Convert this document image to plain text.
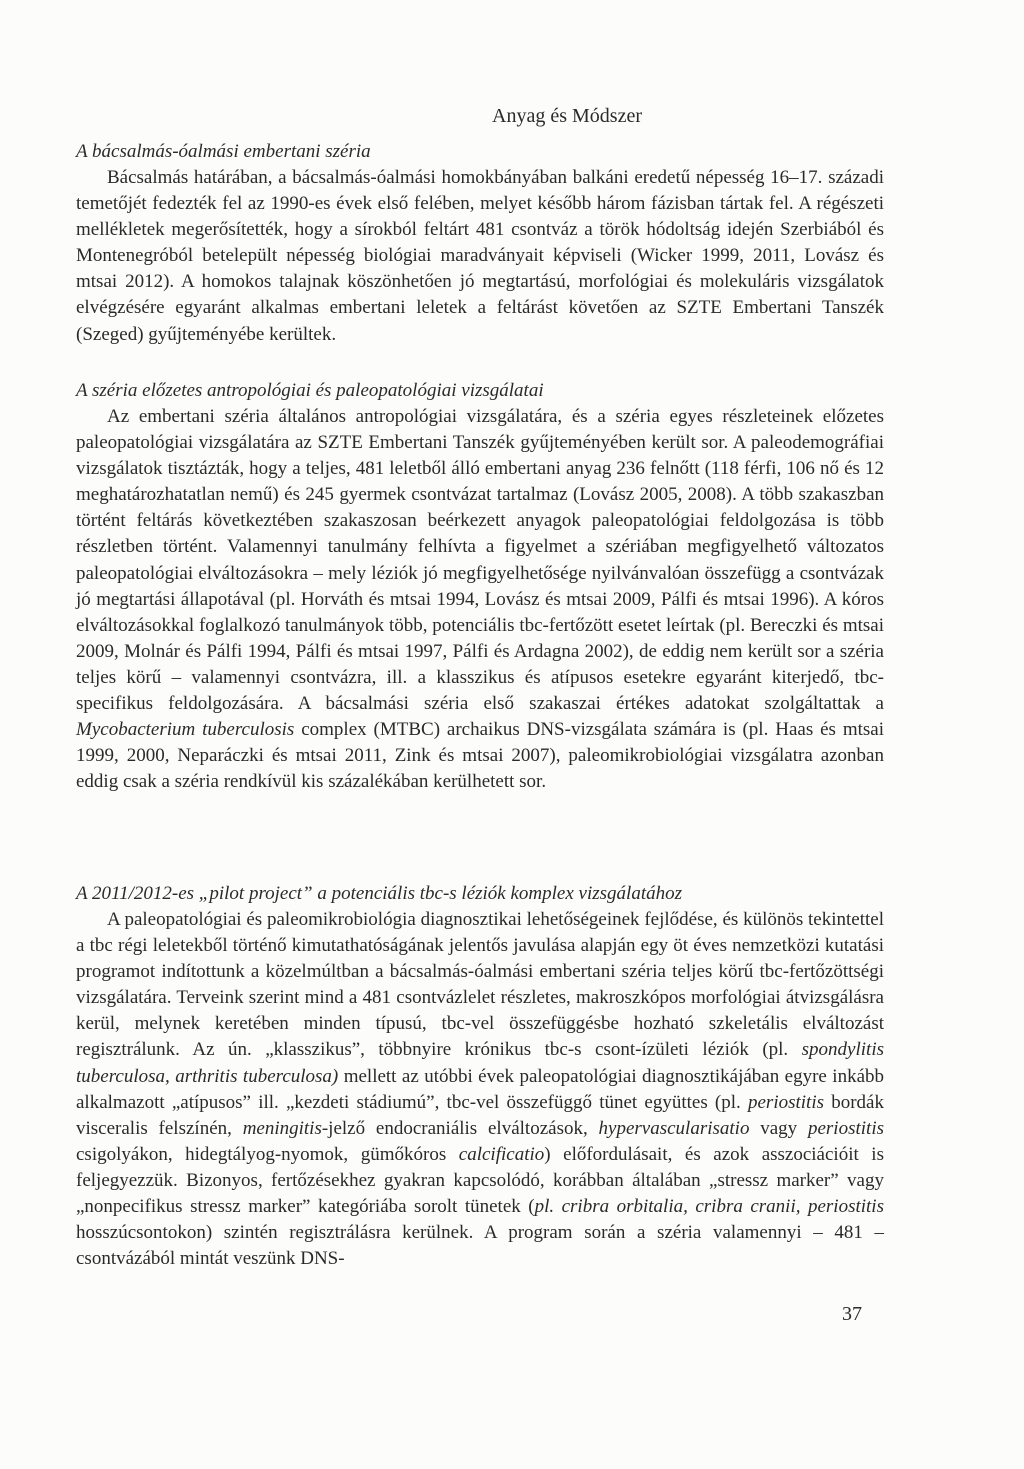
Anyag és Módszer

A bácsalmás-óalmási embertani széria

Bácsalmás határában, a bácsalmás-óalmási homokbányában balkáni eredetű népesség 16–17. századi temetőjét fedezték fel az 1990-es évek első felében, melyet később három fázisban tártak fel. A régészeti mellékletek megerősítették, hogy a sírokból feltárt 481 csontváz a török hódoltság idején Szerbiából és Montenegróból betelepült népesség biológiai maradványait képviseli (Wicker 1999, 2011, Lovász és mtsai 2012). A homokos talajnak köszönhetően jó megtartású, morfológiai és molekuláris vizsgálatok elvégzésére egyaránt alkalmas embertani leletek a feltárást követően az SZTE Embertani Tanszék (Szeged) gyűjteményébe kerültek.

A széria előzetes antropológiai és paleopatológiai vizsgálatai

Az embertani széria általános antropológiai vizsgálatára, és a széria egyes részleteinek előzetes paleopatológiai vizsgálatára az SZTE Embertani Tanszék gyűjteményében került sor. A paleodemográfiai vizsgálatok tisztázták, hogy a teljes, 481 leletből álló embertani anyag 236 felnőtt (118 férfi, 106 nő és 12 meghatározhatatlan nemű) és 245 gyermek csontvázat tartalmaz (Lovász 2005, 2008). A több szakaszban történt feltárás következtében szakaszosan beérkezett anyagok paleopatológiai feldolgozása is több részletben történt. Valamennyi tanulmány felhívta a figyelmet a szériában megfigyelhető változatos paleopatológiai elváltozásokra – mely léziók jó megfigyelhetősége nyilvánvalóan összefügg a csontvázak jó megtartási állapotával (pl. Horváth és mtsai 1994, Lovász és mtsai 2009, Pálfi és mtsai 1996). A kóros elváltozásokkal foglalkozó tanulmányok több, potenciális tbc-fertőzött esetet leírtak (pl. Bereczki és mtsai 2009, Molnár és Pálfi 1994, Pálfi és mtsai 1997, Pálfi és Ardagna 2002), de eddig nem került sor a széria teljes körű – valamennyi csontvázra, ill. a klasszikus és atípusos esetekre egyaránt kiterjedő, tbc-specifikus feldolgozására. A bácsalmási széria első szakaszai értékes adatokat szolgáltattak a Mycobacterium tuberculosis complex (MTBC) archaikus DNS-vizsgálata számára is (pl. Haas és mtsai 1999, 2000, Neparáczki és mtsai 2011, Zink és mtsai 2007), paleomikrobiológiai vizsgálatra azonban eddig csak a széria rendkívül kis százalékában kerülhetett sor.

A 2011/2012-es „pilot project” a potenciális tbc-s léziók komplex vizsgálatához

A paleopatológiai és paleomikrobiológia diagnosztikai lehetőségeinek fejlődése, és különös tekintettel a tbc régi leletekből történő kimutathatóságának jelentős javulása alapján egy öt éves nemzetközi kutatási programot indítottunk a közelmúltban a bácsalmás-óalmási embertani széria teljes körű tbc-fertőzöttségi vizsgálatára. Terveink szerint mind a 481 csontvázlelet részletes, makroszkópos morfológiai átvizsgálásra kerül, melynek keretében minden típusú, tbc-vel összefüggésbe hozható szkeletális elváltozást regisztrálunk. Az ún. „klasszikus”, többnyire krónikus tbc-s csont-ízületi léziók (pl. spondylitis tuberculosa, arthritis tuberculosa) mellett az utóbbi évek paleopatológiai diagnosztikájában egyre inkább alkalmazott „atípusos” ill. „kezdeti stádiumú”, tbc-vel összefüggő tünet együttes (pl. periostitis bordák visceralis felszínén, meningitis-jelző endocraniális elváltozások, hypervascularisatio vagy periostitis csigolyákon, hidegtályog-nyomok, gümőkóros calcificatio) előfordulásait, és azok asszociációit is feljegyezzük. Bizonyos, fertőzésekhez gyakran kapcsolódó, korábban általában „stressz marker” vagy „nonpecifikus stressz marker” kategóriába sorolt tünetek (pl. cribra orbitalia, cribra cranii, periostitis hosszúcsontokon) szintén regisztrálásra kerülnek. A program során a széria valamennyi – 481 – csontvázából mintát veszünk DNS-

37
